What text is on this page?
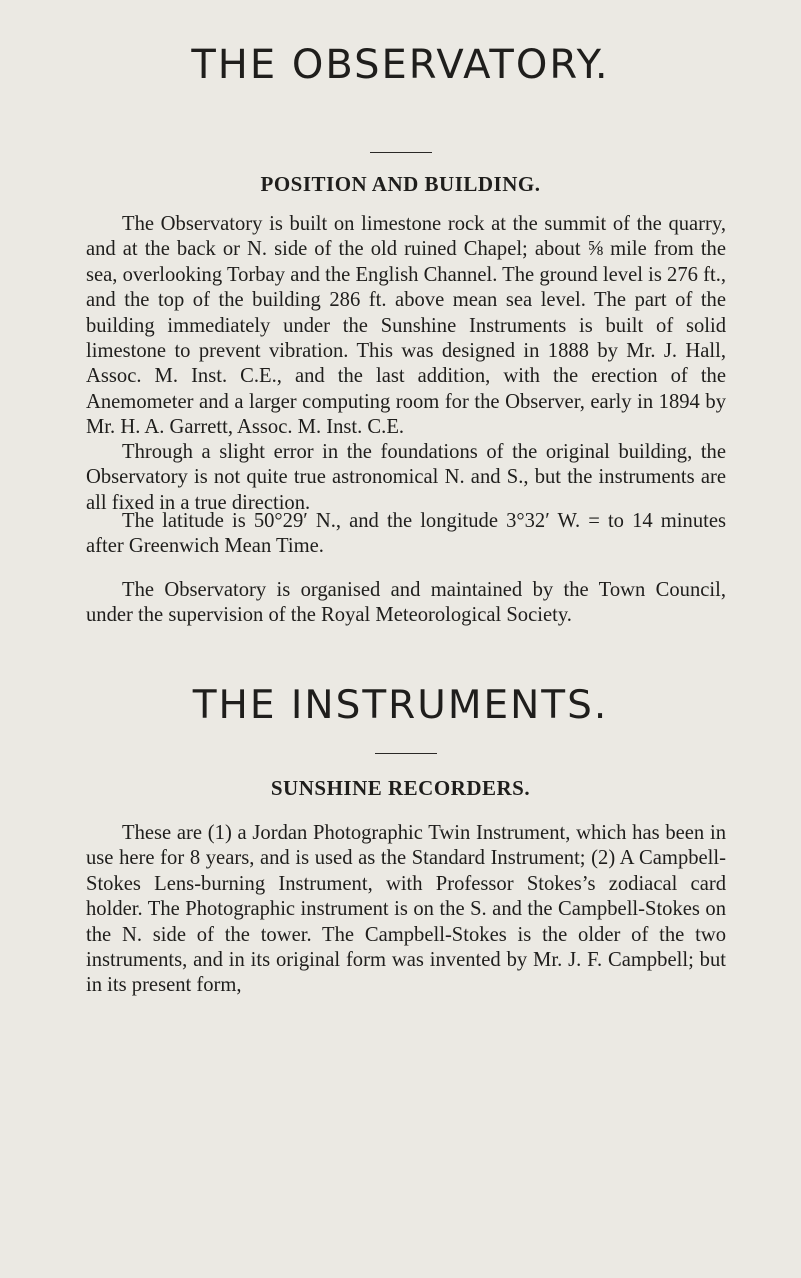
THE OBSERVATORY.
POSITION AND BUILDING.

The Observatory is built on limestone rock at the summit of the quarry, and at the back or N. side of the old ruined Chapel; about ⅝ mile from the sea, overlooking Torbay and the English Channel. The ground level is 276 ft., and the top of the building 286 ft. above mean sea level. The part of the building immediately under the Sunshine Instruments is built of solid limestone to prevent vibration. This was designed in 1888 by Mr. J. Hall, Assoc. M. Inst. C.E., and the last addition, with the erection of the Anemometer and a larger computing room for the Observer, early in 1894 by Mr. H. A. Garrett, Assoc. M. Inst. C.E.

Through a slight error in the foundations of the original building, the Observatory is not quite true astronomical N. and S., but the instruments are all fixed in a true direction.

The latitude is 50°29′ N., and the longitude 3°32′ W. = to 14 minutes after Greenwich Mean Time.

The Observatory is organised and maintained by the Town Council, under the supervision of the Royal Meteorological Society.

THE INSTRUMENTS.
SUNSHINE RECORDERS.

These are (1) a Jordan Photographic Twin Instrument, which has been in use here for 8 years, and is used as the Standard Instrument; (2) A Campbell-Stokes Lens-burning Instrument, with Professor Stokes’s zodiacal card holder. The Photographic instrument is on the S. and the Campbell-Stokes on the N. side of the tower. The Campbell-Stokes is the older of the two instruments, and in its original form was invented by Mr. J. F. Campbell; but in its present form,
